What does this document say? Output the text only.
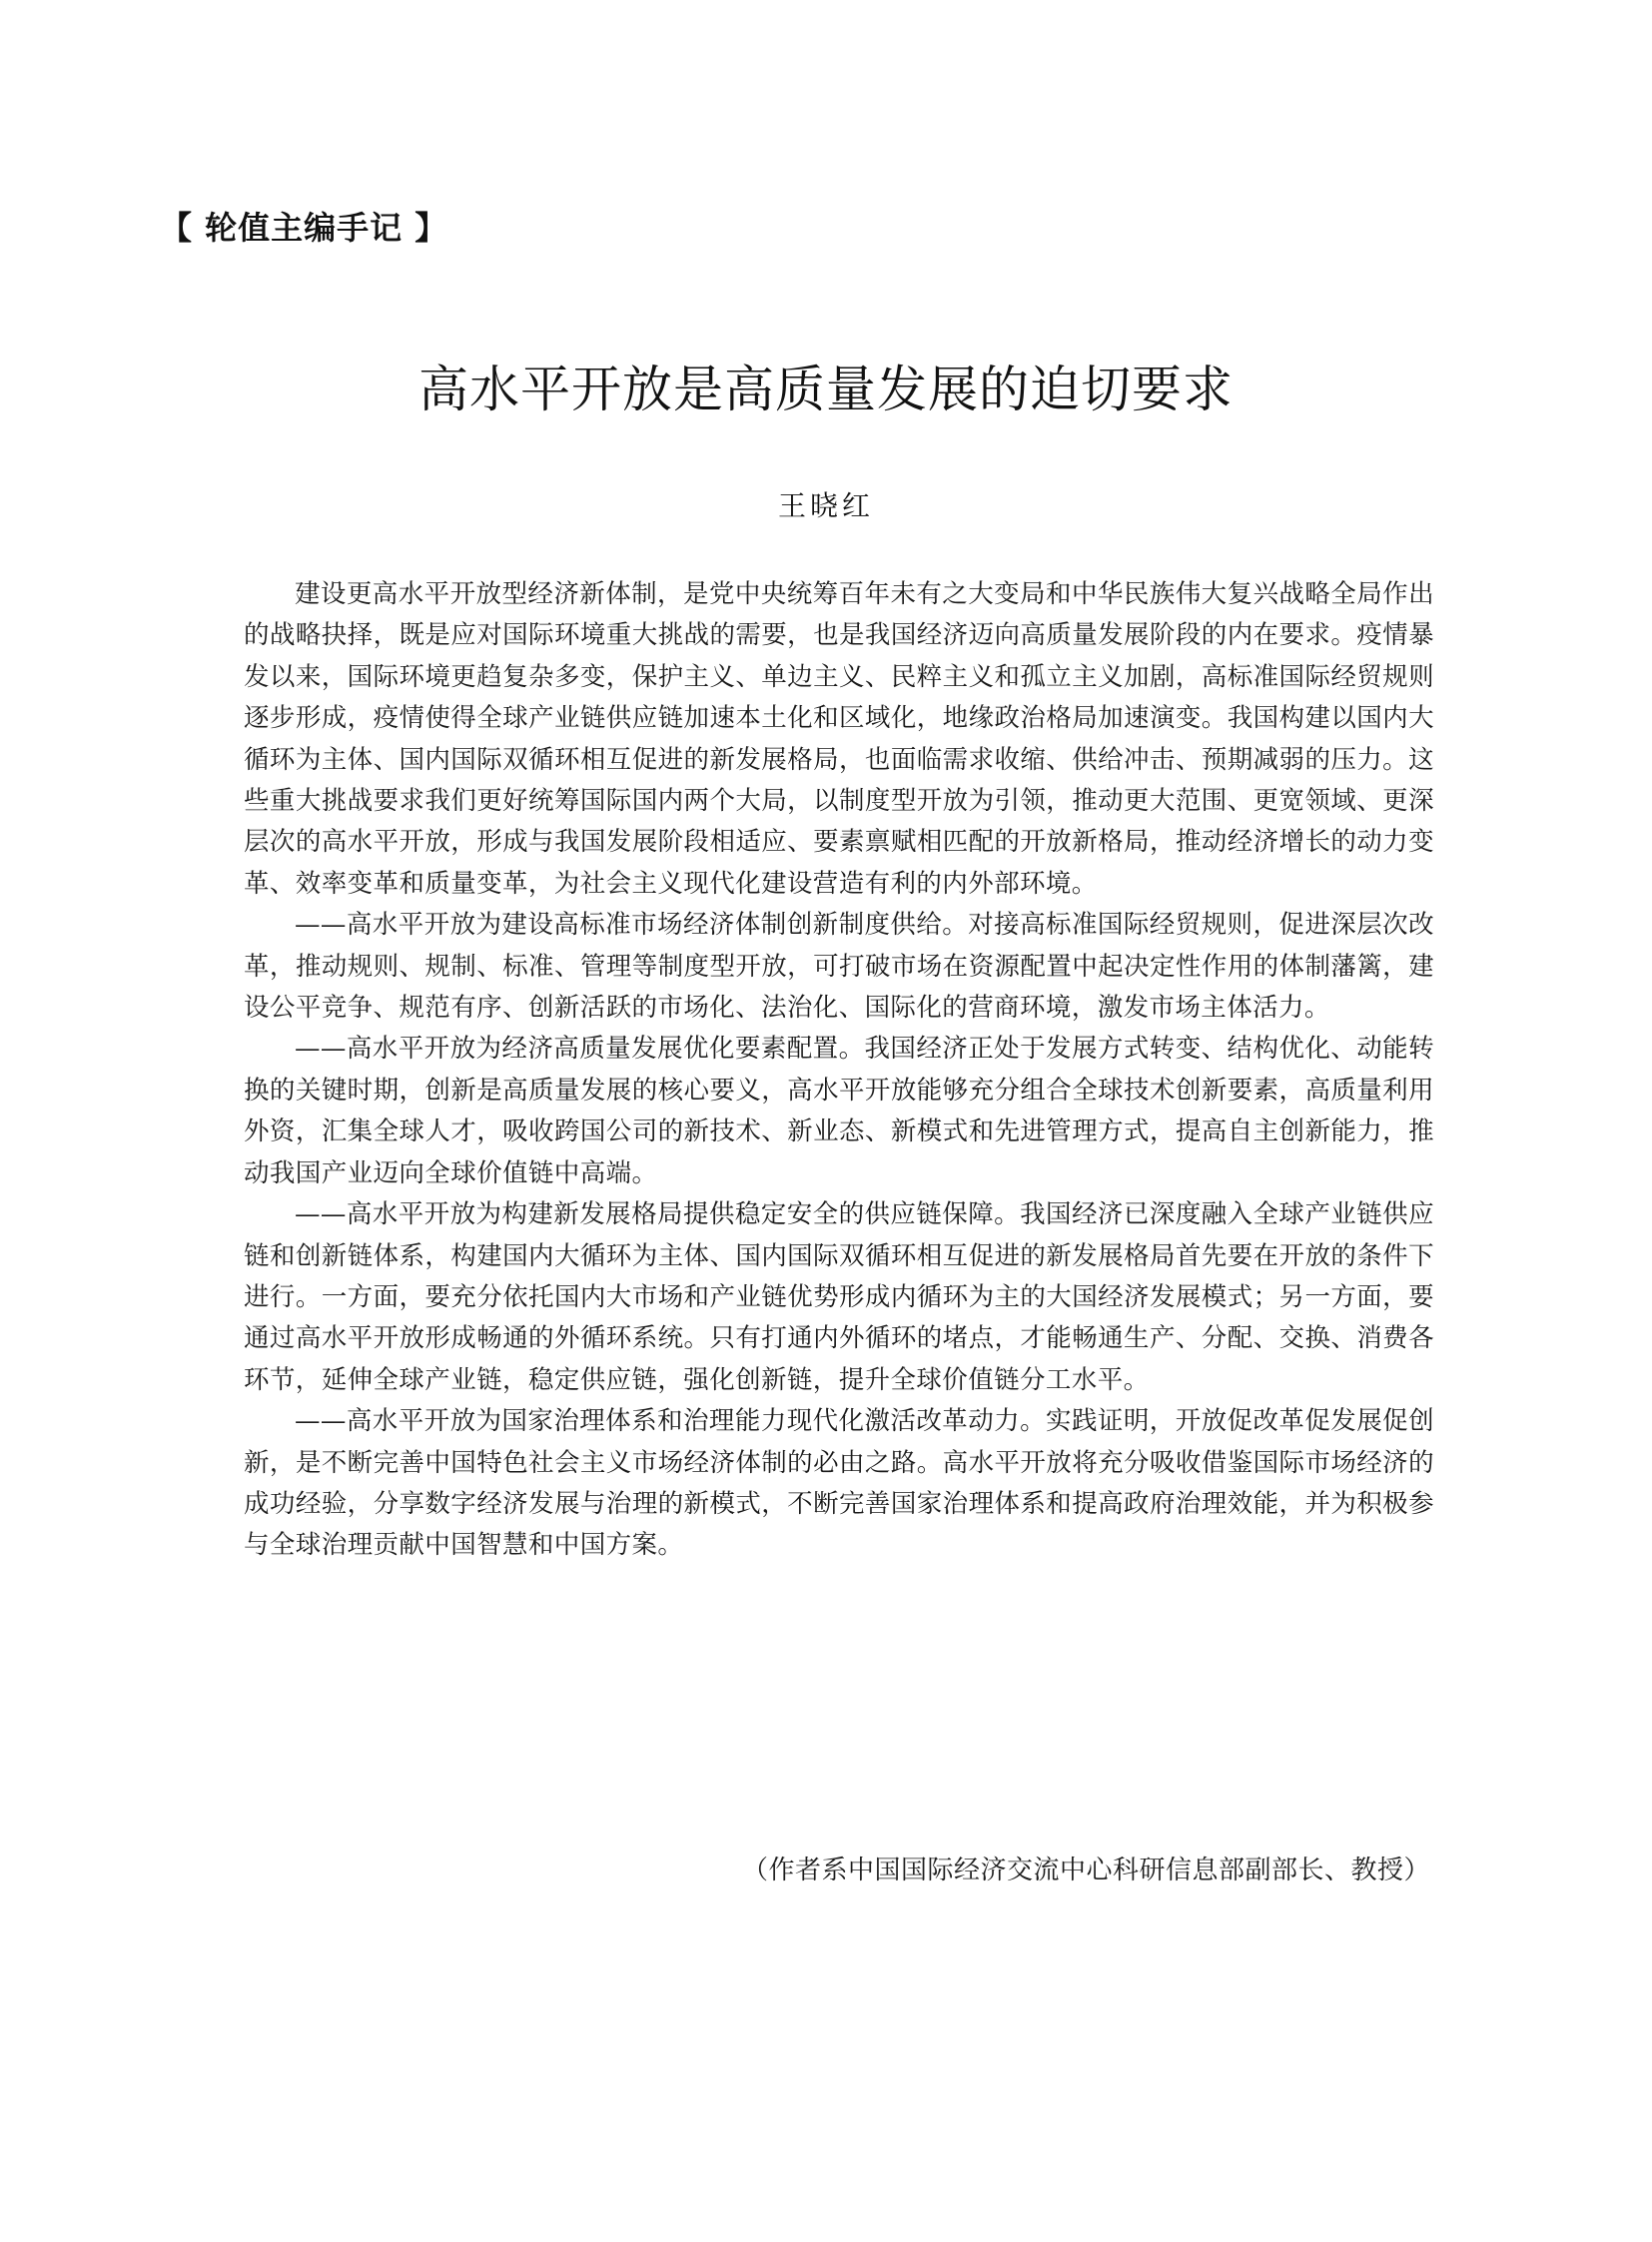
【 轮值主编手记 】
高水平开放是高质量发展的迫切要求
王晓红

建设更高水平开放型经济新体制，是党中央统筹百年未有之大变局和中华民族伟大复兴战略全局作出的战略抉择，既是应对国际环境重大挑战的需要，也是我国经济迈向高质量发展阶段的内在要求。疫情暴发以来，国际环境更趋复杂多变，保护主义、单边主义、民粹主义和孤立主义加剧，高标准国际经贸规则逐步形成，疫情使得全球产业链供应链加速本土化和区域化，地缘政治格局加速演变。我国构建以国内大循环为主体、国内国际双循环相互促进的新发展格局，也面临需求收缩、供给冲击、预期减弱的压力。这些重大挑战要求我们更好统筹国际国内两个大局，以制度型开放为引领，推动更大范围、更宽领域、更深层次的高水平开放，形成与我国发展阶段相适应、要素禀赋相匹配的开放新格局，推动经济增长的动力变革、效率变革和质量变革，为社会主义现代化建设营造有利的内外部环境。

——高水平开放为建设高标准市场经济体制创新制度供给。对接高标准国际经贸规则，促进深层次改革，推动规则、规制、标准、管理等制度型开放，可打破市场在资源配置中起决定性作用的体制藩篱，建设公平竞争、规范有序、创新活跃的市场化、法治化、国际化的营商环境，激发市场主体活力。

——高水平开放为经济高质量发展优化要素配置。我国经济正处于发展方式转变、结构优化、动能转换的关键时期，创新是高质量发展的核心要义，高水平开放能够充分组合全球技术创新要素，高质量利用外资，汇集全球人才，吸收跨国公司的新技术、新业态、新模式和先进管理方式，提高自主创新能力，推动我国产业迈向全球价值链中高端。

——高水平开放为构建新发展格局提供稳定安全的供应链保障。我国经济已深度融入全球产业链供应链和创新链体系，构建国内大循环为主体、国内国际双循环相互促进的新发展格局首先要在开放的条件下进行。一方面，要充分依托国内大市场和产业链优势形成内循环为主的大国经济发展模式；另一方面，要通过高水平开放形成畅通的外循环系统。只有打通内外循环的堵点，才能畅通生产、分配、交换、消费各环节，延伸全球产业链，稳定供应链，强化创新链，提升全球价值链分工水平。

——高水平开放为国家治理体系和治理能力现代化激活改革动力。实践证明，开放促改革促发展促创新，是不断完善中国特色社会主义市场经济体制的必由之路。高水平开放将充分吸收借鉴国际市场经济的成功经验，分享数字经济发展与治理的新模式，不断完善国家治理体系和提高政府治理效能，并为积极参与全球治理贡献中国智慧和中国方案。

（作者系中国国际经济交流中心科研信息部副部长、教授）
